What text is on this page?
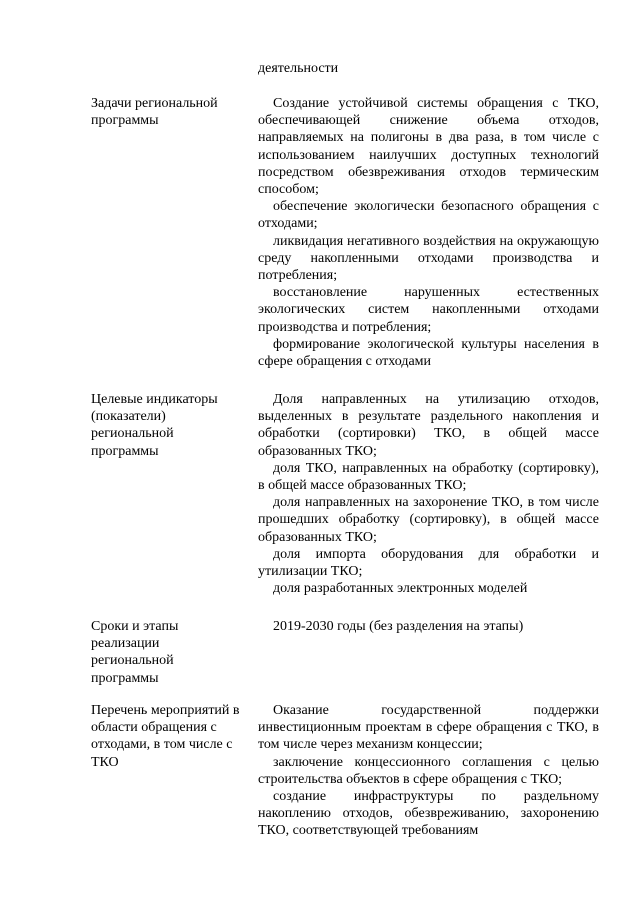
деятельности
Задачи региональной программы

Создание устойчивой системы обращения с ТКО, обеспечивающей снижение объема отходов, направляемых на полигоны в два раза, в том числе с использованием наилучших доступных технологий посредством обезвреживания отходов термическим способом;

обеспечение экологически безопасного обращения с отходами;

ликвидация негативного воздействия на окружающую среду накопленными отходами производства и потребления;

восстановление нарушенных естественных экологических систем накопленными отходами производства и потребления;

формирование экологической культуры населения в сфере обращения с отходами

Целевые индикаторы (показатели) региональной программы

Доля направленных на утилизацию отходов, выделенных в результате раздельного накопления и обработки (сортировки) ТКО, в общей массе образованных ТКО;

доля ТКО, направленных на обработку (сортировку), в общей массе образованных ТКО;

доля направленных на захоронение ТКО, в том числе прошедших обработку (сортировку), в общей массе образованных ТКО;

доля импорта оборудования для обработки и утилизации ТКО;

доля разработанных электронных моделей

Сроки и этапы реализации региональной программы

2019-2030 годы (без разделения на этапы)

Перечень мероприятий в области обращения с отходами, в том числе с ТКО

Оказание государственной поддержки инвестиционным проектам в сфере обращения с ТКО, в том числе через механизм концессии;

заключение концессионного соглашения с целью строительства объектов в сфере обращения с ТКО;

создание инфраструктуры по раздельному накоплению отходов, обезвреживанию, захоронению ТКО, соответствующей требованиям
